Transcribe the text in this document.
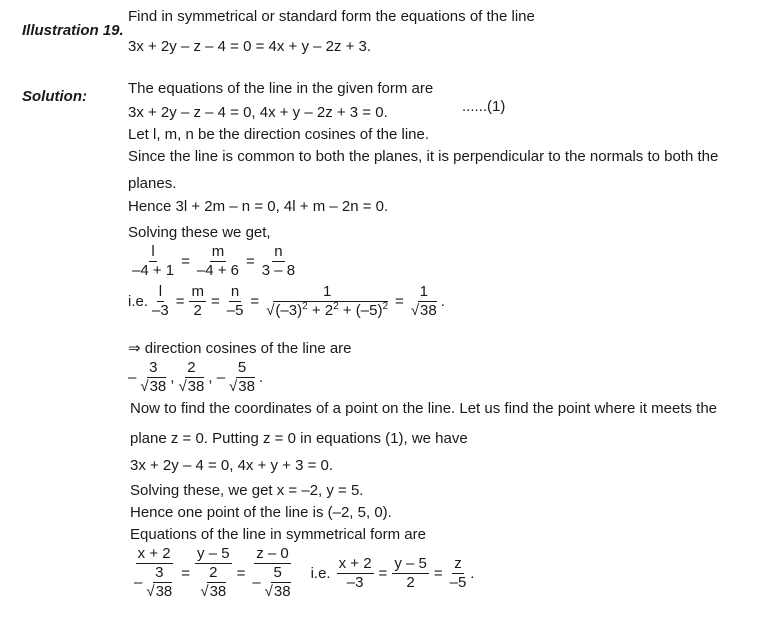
Illustration 19.
Find in symmetrical or standard form the equations of the line
3x + 2y – z – 4 = 0 = 4x + y – 2z + 3.
Solution:	The equations of the line in the given form are
3x + 2y – z – 4 = 0, 4x + y – 2z + 3 = 0.	......(1)
Let l, m, n be the direction cosines of the line.
Since the line is common to both the planes, it is perpendicular to the normals to both the
planes.
Hence 3l + 2m – n = 0, 4l + m – 2n = 0.
Solving these we get,
$\frac{l}{-4 + 1} = \frac{m}{-4 + 6} = \frac{n}{3 - 8}$
i.e. $\frac{l}{-3} = \frac{m}{2} = \frac{n}{-5} = \frac{1}{√(-3)^2 + 2^2 + (-5)^2} = \frac{1}{√38}$ .
⇒ direction cosines of the line are
– $\frac{3}{√38}$ , $\frac{2}{√38}$ , – $\frac{5}{√38}$ .
Now to find the coordinates of a point on the line. Let us find the point where it meets the
plane z = 0. Putting z = 0 in equations (1), we have
3x + 2y – 4 = 0, 4x + y + 3 = 0.
Solving these, we get x = –2, y = 5.
Hence one point of the line is (–2, 5, 0).
Equations of the line in symmetrical form are
$\frac{x + 2}{- \frac{3}{√38}} = \frac{y - 5}{\frac{2}{√38}} = \frac{z - 0}{- \frac{5}{√38}} i.e$. $\frac{x + 2}{-3} = \frac{y - 5}{2} = \frac{z}{-5}$ .
